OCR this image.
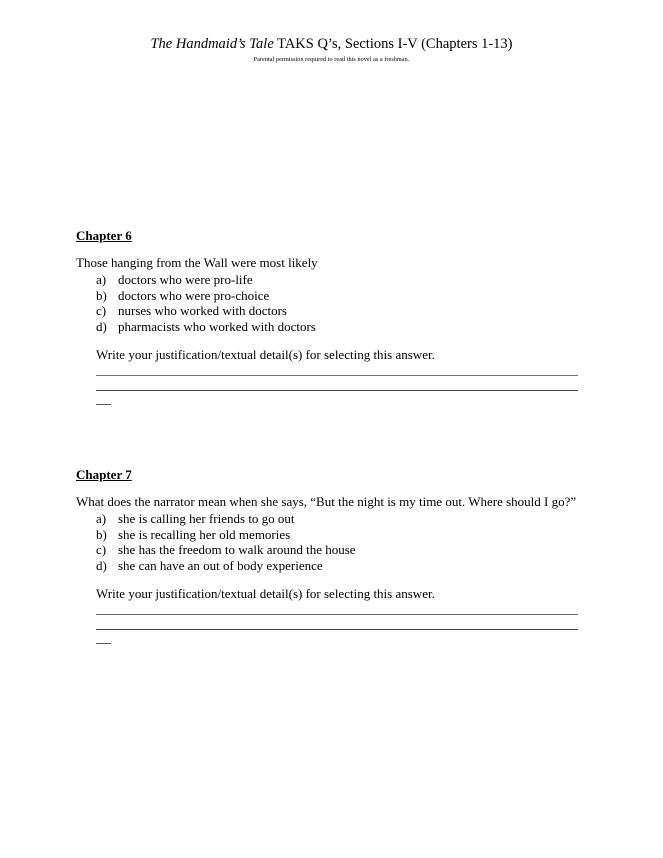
The Handmaid’s Tale TAKS Q’s, Sections I-V (Chapters 1-13)
Parental permission required to read this novel as a freshman.
Chapter 6

Those hanging from the Wall were most likely

a) doctors who were pro-life
b) doctors who were pro-choice
c) nurses who worked with doctors
d) pharmacists who worked with doctors

Write your justification/textual detail(s) for selecting this answer.

Chapter 7

What does the narrator mean when she says, “But the night is my time out. Where should I go?”

a) she is calling her friends to go out
b) she is recalling her old memories
c) she has the freedom to walk around the house
d) she can have an out of body experience

Write your justification/textual detail(s) for selecting this answer.
